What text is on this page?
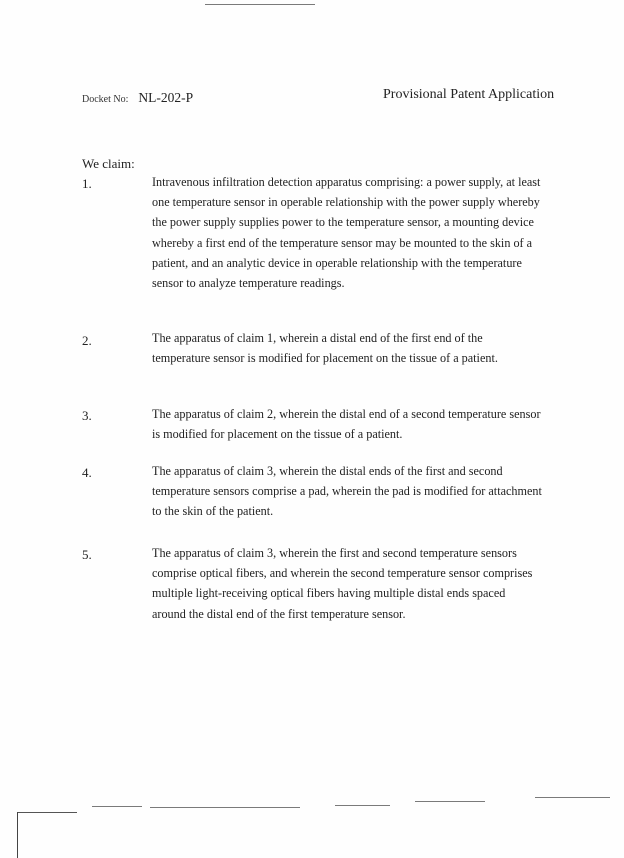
Docket No: NL-202-P	Provisional Patent Application
We claim:
1.	Intravenous infiltration detection apparatus comprising: a power supply, at least one temperature sensor in operable relationship with the power supply whereby the power supply supplies power to the temperature sensor, a mounting device whereby a first end of the temperature sensor may be mounted to the skin of a patient, and an analytic device in operable relationship with the temperature sensor to analyze temperature readings.
2.	The apparatus of claim 1, wherein a distal end of the first end of the temperature sensor is modified for placement on the tissue of a patient.
3.	The apparatus of claim 2, wherein the distal end of a second temperature sensor is modified for placement on the tissue of a patient.
4.	The apparatus of claim 3, wherein the distal ends of the first and second temperature sensors comprise a pad, wherein the pad is modified for attachment to the skin of the patient.
5.	The apparatus of claim 3, wherein the first and second temperature sensors comprise optical fibers, and wherein the second temperature sensor comprises multiple light-receiving optical fibers having multiple distal ends spaced around the distal end of the first temperature sensor.
